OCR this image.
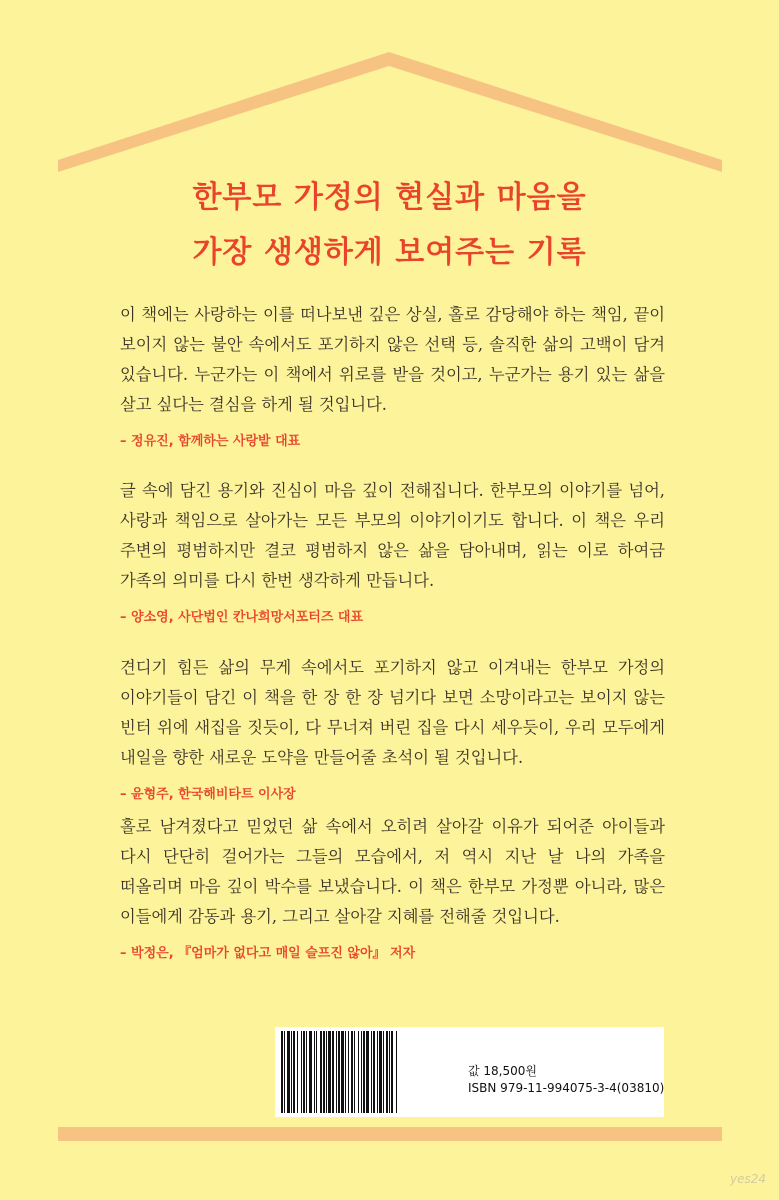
한부모 가정의 현실과 마음을
가장 생생하게 보여주는 기록

이 책에는 사랑하는 이를 떠나보낸 깊은 상실, 홀로 감당해야 하는 책임, 끝이 보이지 않는 불안 속에서도 포기하지 않은 선택 등, 솔직한 삶의 고백이 담겨 있습니다. 누군가는 이 책에서 위로를 받을 것이고, 누군가는 용기 있는 삶을 살고 싶다는 결심을 하게 될 것입니다.

– 정유진, 함께하는 사랑밭 대표

글 속에 담긴 용기와 진심이 마음 깊이 전해집니다. 한부모의 이야기를 넘어, 사랑과 책임으로 살아가는 모든 부모의 이야기이기도 합니다. 이 책은 우리 주변의 평범하지만 결코 평범하지 않은 삶을 담아내며, 읽는 이로 하여금 가족의 의미를 다시 한번 생각하게 만듭니다.

– 양소영, 사단법인 칸나희망서포터즈 대표

견디기 힘든 삶의 무게 속에서도 포기하지 않고 이겨내는 한부모 가정의 이야기들이 담긴 이 책을 한 장 한 장 넘기다 보면 소망이라고는 보이지 않는 빈터 위에 새집을 짓듯이, 다 무너져 버린 집을 다시 세우듯이, 우리 모두에게 내일을 향한 새로운 도약을 만들어줄 초석이 될 것입니다.

– 윤형주, 한국해비타트 이사장

홀로 남겨졌다고 믿었던 삶 속에서 오히려 살아갈 이유가 되어준 아이들과 다시 단단히 걸어가는 그들의 모습에서, 저 역시 지난 날 나의 가족을 떠올리며 마음 깊이 박수를 보냈습니다. 이 책은 한부모 가정뿐 아니라, 많은 이들에게 감동과 용기, 그리고 살아갈 지혜를 전해줄 것입니다.

– 박정은, 『엄마가 없다고 매일 슬프진 않아』 저자
값 18,500원
ISBN 979-11-994075-3-4(03810)
yes24
